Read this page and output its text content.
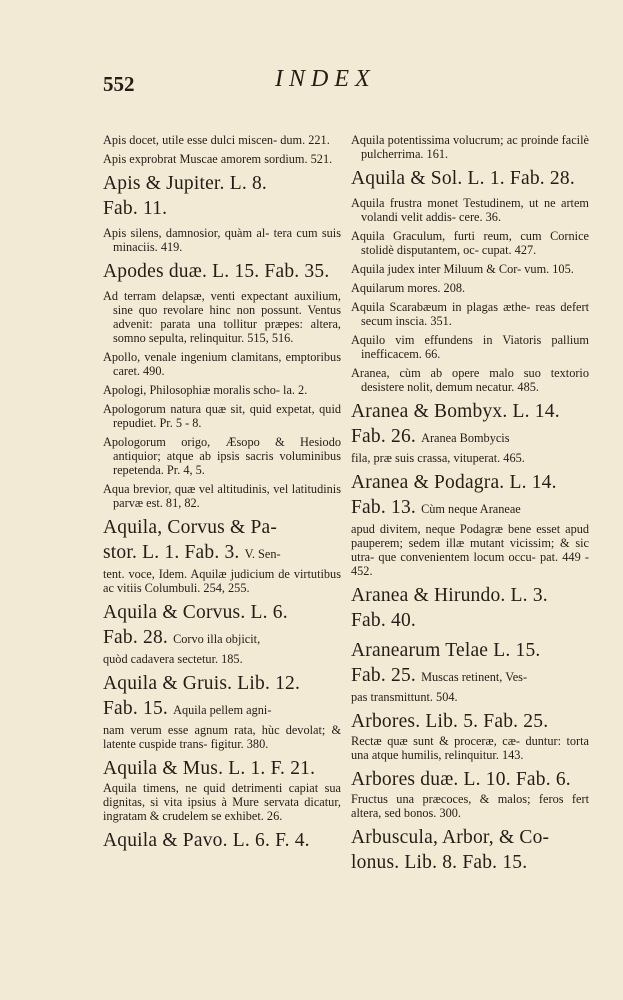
552	INDEX
Apis docet, utile esse dulci miscen- dum. 221.
Apis exprobrat Muscae amorem sordium. 521.
Apis & Jupiter. L. 8.
Fab. 11.
Apis silens, damnosior, quàm al- tera cum suis minaciis. 419.
Apodes duæ. L. 15. Fab. 35.
Ad terram delapsæ, venti expectant auxilium, sine quo revolare hinc non possunt. Ventus advenit: parata una tollitur præpes: altera, somno sepulta, relinquitur. 515, 516.
Apollo, venale ingenium clamitans, emptoribus caret. 490.
Apologi, Philosophiæ moralis scho- la. 2.
Apologorum natura quæ sit, quid expetat, quid repudiet. Pr. 5 - 8.
Apologorum origo, Æsopo & Hesiodo antiquior; atque ab ipsis sacris voluminibus repetenda. Pr. 4, 5.
Aqua brevior, quæ vel altitudinis, vel latitudinis parvæ est. 81, 82.
Aquila, Corvus & Pa-
stor. L. 1. Fab. 3. V. Sen-
tent. voce, Idem. Aquilæ judicium de virtutibus ac vitiis Columbuli. 254, 255.
Aquila & Corvus. L. 6.
Fab. 28. Corvo illa objicit,
quòd cadavera sectetur. 185.
Aquila & Gruis. Lib. 12.
Fab. 15. Aquila pellem agni-
nam verum esse agnum rata, hùc devolat; & latente cuspide trans- figitur. 380.
Aquila & Mus. L. 1. F. 21.
Aquila timens, ne quid detrimenti capiat sua dignitas, si vita ipsius à Mure servata dicatur, ingratam & crudelem se exhibet. 26.
Aquila & Pavo. L. 6. F. 4.
Aquila potentissima volucrum; ac proinde facilè pulcherrima. 161.
Aquila & Sol. L. 1. Fab. 28.
Aquila frustra monet Testudinem, ut ne artem volandi velit addis- cere. 36.
Aquila Graculum, furti reum, cum Cornice stolidè disputantem, oc- cupat. 427.
Aquila judex inter Miluum & Cor- vum. 105.
Aquilarum mores. 208.
Aquila Scarabæum in plagas æthe- reas defert secum inscia. 351.
Aquilo vim effundens in Viatoris pallium inefficacem. 66.
Aranea, cùm ab opere malo suo textorio desistere nolit, demum necatur. 485.
Aranea & Bombyx. L. 14.
Fab. 26. Aranea Bombycis
fila, præ suis crassa, vituperat. 465.
Aranea & Podagra. L. 14.
Fab. 13. Cùm neque Araneae
apud divitem, neque Podagræ bene esset apud pauperem; sedem illæ mutant vicissim; & sic utra- que convenientem locum occu- pat. 449 - 452.
Aranea & Hirundo. L. 3.
Fab. 40.
Aranearum Telae L. 15.
Fab. 25. Muscas retinent, Ves-
pas transmittunt. 504.
Arbores. Lib. 5. Fab. 25.
Rectæ quæ sunt & proceræ, cæ- duntur: torta una atque humilis, relinquitur. 143.
Arbores duæ. L. 10. Fab. 6.
Fructus una præcoces, & malos; feros fert altera, sed bonos. 300.
Arbuscula, Arbor, & Co-
lonus. Lib. 8. Fab. 15.
